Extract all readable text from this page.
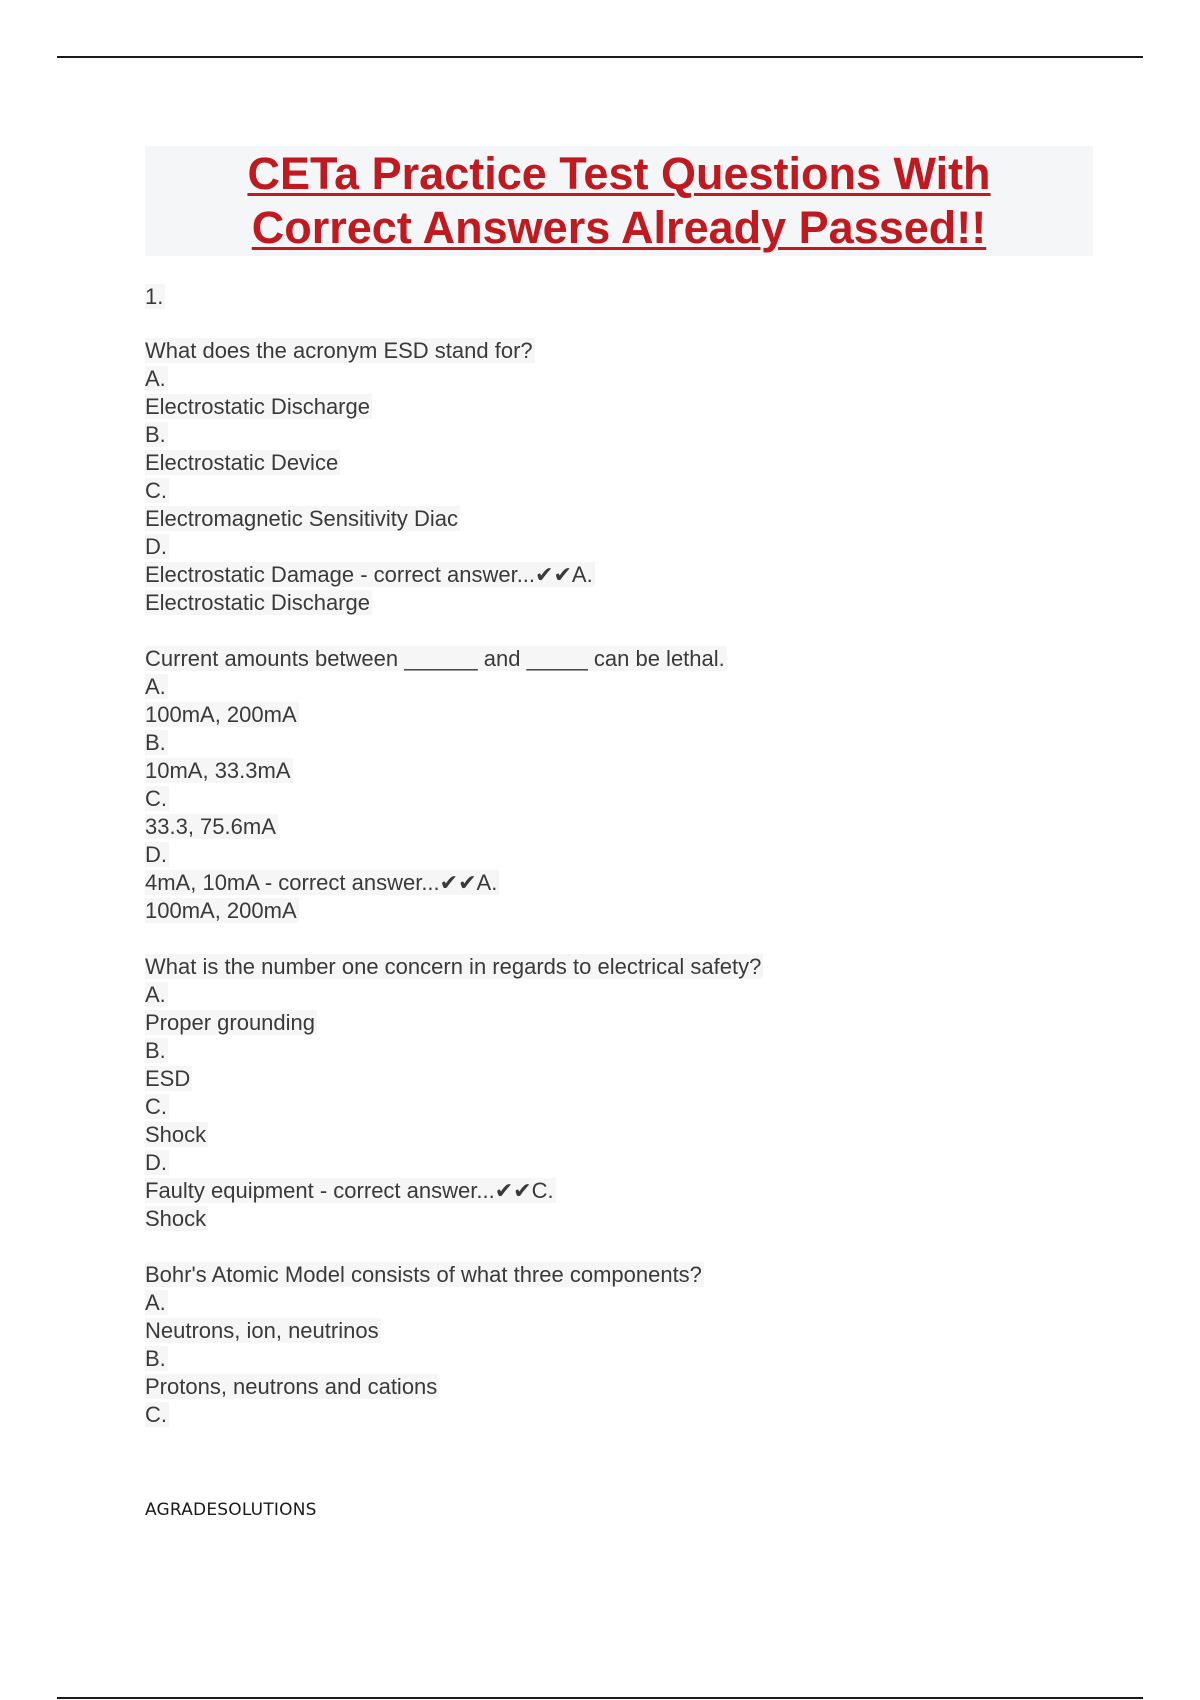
CETa Practice Test Questions With
Correct Answers Already Passed!!
1.
What does the acronym ESD stand for?
A.
Electrostatic Discharge
B.
Electrostatic Device
C.
Electromagnetic Sensitivity Diac
D.
Electrostatic Damage - correct answer...✔✔A.
Electrostatic Discharge
Current amounts between ______ and _____ can be lethal.
A.
100mA, 200mA
B.
10mA, 33.3mA
C.
33.3, 75.6mA
D.
4mA, 10mA - correct answer...✔✔A.
100mA, 200mA
What is the number one concern in regards to electrical safety?
A.
Proper grounding
B.
ESD
C.
Shock
D.
Faulty equipment - correct answer...✔✔C.
Shock
Bohr's Atomic Model consists of what three components?
A.
Neutrons, ion, neutrinos
B.
Protons, neutrons and cations
C.
AGRADESOLUTIONS
